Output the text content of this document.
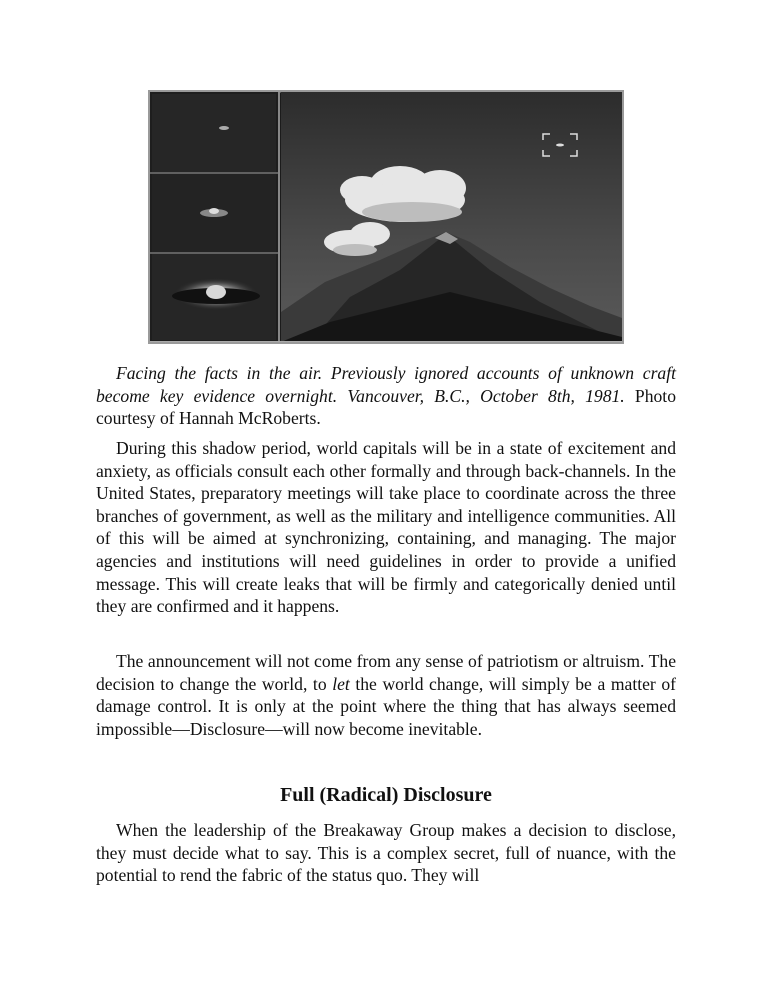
Facing the facts in the air. Previously ignored accounts of unknown craft become key evidence overnight. Vancouver, B.C., October 8th, 1981. Photo courtesy of Hannah McRoberts.

During this shadow period, world capitals will be in a state of excitement and anxiety, as officials consult each other formally and through back-channels. In the United States, preparatory meetings will take place to coordinate across the three branches of government, as well as the military and intelligence communities. All of this will be aimed at synchronizing, containing, and managing. The major agencies and institutions will need guidelines in order to provide a unified message. This will create leaks that will be firmly and categorically denied until they are confirmed and it happens.

The announcement will not come from any sense of patriotism or altruism. The decision to change the world, to let the world change, will simply be a matter of damage control. It is only at the point where the thing that has always seemed impossible—Disclosure—will now become inevitable.

Full (Radical) Disclosure

When the leadership of the Breakaway Group makes a decision to disclose, they must decide what to say. This is a complex secret, full of nuance, with the potential to rend the fabric of the status quo. They will
